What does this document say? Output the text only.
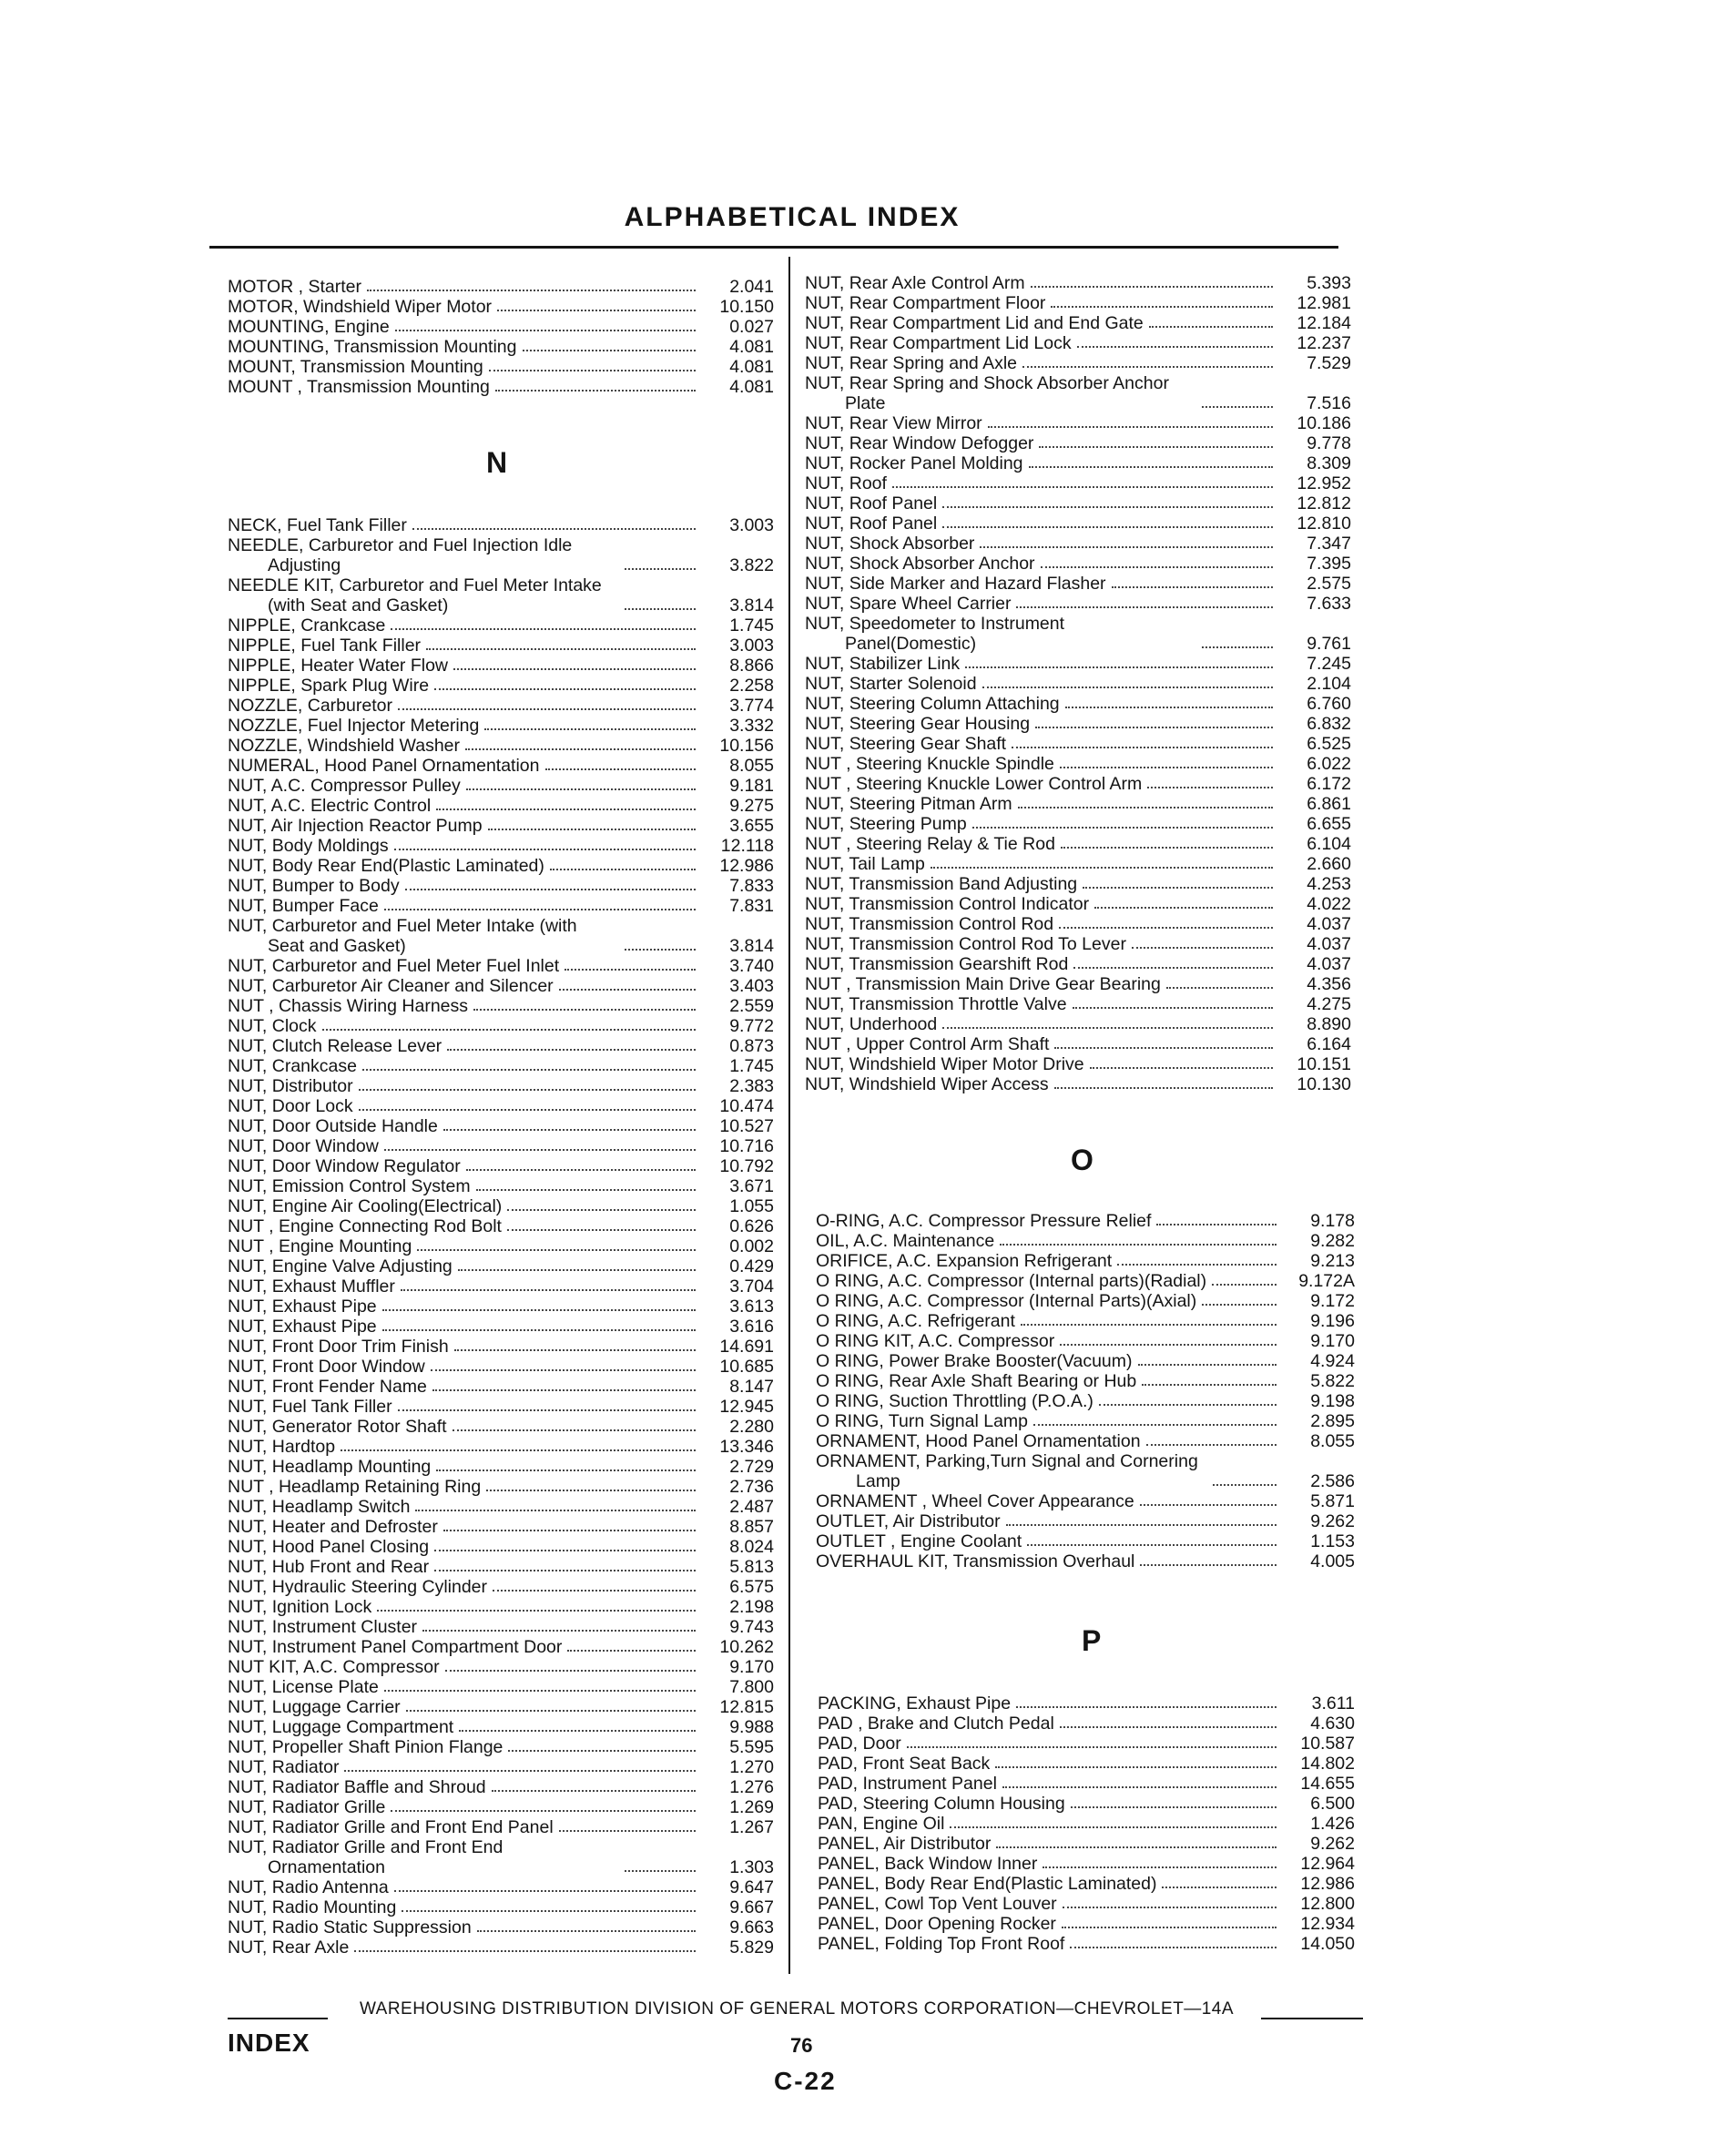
ALPHABETICAL INDEX
MOTOR , Starter	2.041
MOTOR, Windshield Wiper Motor	10.150
MOUNTING, Engine	0.027
MOUNTING, Transmission Mounting	4.081
MOUNT, Transmission Mounting	4.081
MOUNT , Transmission Mounting	4.081
NECK, Fuel Tank Filler	3.003
NEEDLE, Carburetor and Fuel Injection Idle
Adjusting	3.822
NEEDLE KIT, Carburetor and Fuel Meter Intake
(with Seat and Gasket)	3.814
NIPPLE, Crankcase	1.745
NIPPLE, Fuel Tank Filler	3.003
NIPPLE, Heater Water Flow	8.866
NIPPLE, Spark Plug Wire	2.258
NOZZLE, Carburetor	3.774
NOZZLE, Fuel Injector Metering	3.332
NOZZLE, Windshield Washer	10.156
NUMERAL, Hood Panel Ornamentation	8.055
NUT, A.C. Compressor Pulley	9.181
NUT, A.C. Electric Control	9.275
NUT, Air Injection Reactor Pump	3.655
NUT, Body Moldings	12.118
NUT, Body Rear End(Plastic Laminated)	12.986
NUT, Bumper to Body	7.833
NUT, Bumper Face	7.831
NUT, Carburetor and Fuel Meter Intake (with
Seat and Gasket)	3.814
NUT, Carburetor and Fuel Meter Fuel Inlet	3.740
NUT, Carburetor Air Cleaner and Silencer	3.403
NUT , Chassis Wiring Harness	2.559
NUT, Clock	9.772
NUT, Clutch Release Lever	0.873
NUT, Crankcase	1.745
NUT, Distributor	2.383
NUT, Door Lock	10.474
NUT, Door Outside Handle	10.527
NUT, Door Window	10.716
NUT, Door Window Regulator	10.792
NUT, Emission Control System	3.671
NUT, Engine Air Cooling(Electrical)	1.055
NUT , Engine Connecting Rod Bolt	0.626
NUT , Engine Mounting	0.002
NUT, Engine Valve Adjusting	0.429
NUT, Exhaust Muffler	3.704
NUT, Exhaust Pipe	3.613
NUT, Exhaust Pipe	3.616
NUT, Front Door Trim Finish	14.691
NUT, Front Door Window	10.685
NUT, Front Fender Name	8.147
NUT, Fuel Tank Filler	12.945
NUT, Generator Rotor Shaft	2.280
NUT, Hardtop	13.346
NUT, Headlamp Mounting	2.729
NUT , Headlamp Retaining Ring	2.736
NUT, Headlamp Switch	2.487
NUT, Heater and Defroster	8.857
NUT, Hood Panel Closing	8.024
NUT, Hub Front and Rear	5.813
NUT, Hydraulic Steering Cylinder	6.575
NUT, Ignition Lock	2.198
NUT, Instrument Cluster	9.743
NUT, Instrument Panel Compartment Door	10.262
NUT KIT, A.C. Compressor	9.170
NUT, License Plate	7.800
NUT, Luggage Carrier	12.815
NUT, Luggage Compartment	9.988
NUT, Propeller Shaft Pinion Flange	5.595
NUT, Radiator	1.270
NUT, Radiator Baffle and Shroud	1.276
NUT, Radiator Grille	1.269
NUT, Radiator Grille and Front End Panel	1.267
NUT, Radiator Grille and Front End
Ornamentation	1.303
NUT, Radio Antenna	9.647
NUT, Radio Mounting	9.667
NUT, Radio Static Suppression	9.663
NUT, Rear Axle	5.829
N
NUT, Rear Axle Control Arm	5.393
NUT, Rear Compartment Floor	12.981
NUT, Rear Compartment Lid and End Gate	12.184
NUT, Rear Compartment Lid Lock	12.237
NUT, Rear Spring and Axle	7.529
NUT, Rear Spring and Shock Absorber Anchor
Plate	7.516
NUT, Rear View Mirror	10.186
NUT, Rear Window Defogger	9.778
NUT, Rocker Panel Molding	8.309
NUT, Roof	12.952
NUT, Roof Panel	12.812
NUT, Roof Panel	12.810
NUT, Shock Absorber	7.347
NUT, Shock Absorber Anchor	7.395
NUT, Side Marker and Hazard Flasher	2.575
NUT, Spare Wheel Carrier	7.633
NUT, Speedometer to Instrument
Panel(Domestic)	9.761
NUT, Stabilizer Link	7.245
NUT, Starter Solenoid	2.104
NUT, Steering Column Attaching	6.760
NUT, Steering Gear Housing	6.832
NUT, Steering Gear Shaft	6.525
NUT , Steering Knuckle Spindle	6.022
NUT , Steering Knuckle Lower Control Arm	6.172
NUT, Steering Pitman Arm	6.861
NUT, Steering Pump	6.655
NUT , Steering Relay & Tie Rod	6.104
NUT, Tail Lamp	2.660
NUT, Transmission Band Adjusting	4.253
NUT, Transmission Control Indicator	4.022
NUT, Transmission Control Rod	4.037
NUT, Transmission Control Rod To Lever	4.037
NUT, Transmission Gearshift Rod	4.037
NUT , Transmission Main Drive Gear Bearing	4.356
NUT, Transmission Throttle Valve	4.275
NUT, Underhood	8.890
NUT , Upper Control Arm Shaft	6.164
NUT, Windshield Wiper Motor Drive	10.151
NUT, Windshield Wiper Access	10.130
O
O-RING, A.C. Compressor Pressure Relief	9.178
OIL, A.C. Maintenance	9.282
ORIFICE, A.C. Expansion Refrigerant	9.213
O RING, A.C. Compressor (Internal parts)(Radial)	9.172A
O RING, A.C. Compressor (Internal Parts)(Axial)	9.172
O RING, A.C. Refrigerant	9.196
O RING KIT, A.C. Compressor	9.170
O RING, Power Brake Booster(Vacuum)	4.924
O RING, Rear Axle Shaft Bearing or Hub	5.822
O RING, Suction Throttling (P.O.A.)	9.198
O RING, Turn Signal Lamp	2.895
ORNAMENT, Hood Panel Ornamentation	8.055
ORNAMENT, Parking,Turn Signal and Cornering
Lamp	2.586
ORNAMENT , Wheel Cover Appearance	5.871
OUTLET, Air Distributor	9.262
OUTLET , Engine Coolant	1.153
OVERHAUL KIT, Transmission Overhaul	4.005
P
PACKING, Exhaust Pipe	3.611
PAD , Brake and Clutch Pedal	4.630
PAD, Door	10.587
PAD, Front Seat Back	14.802
PAD, Instrument Panel	14.655
PAD, Steering Column Housing	6.500
PAN, Engine Oil	1.426
PANEL, Air Distributor	9.262
PANEL, Back Window Inner	12.964
PANEL, Body Rear End(Plastic Laminated)	12.986
PANEL, Cowl Top Vent Louver	12.800
PANEL, Door Opening Rocker	12.934
PANEL, Folding Top Front Roof	14.050
WAREHOUSING DISTRIBUTION DIVISION OF GENERAL MOTORS CORPORATION—CHEVROLET—14A
INDEX	76
C-22
